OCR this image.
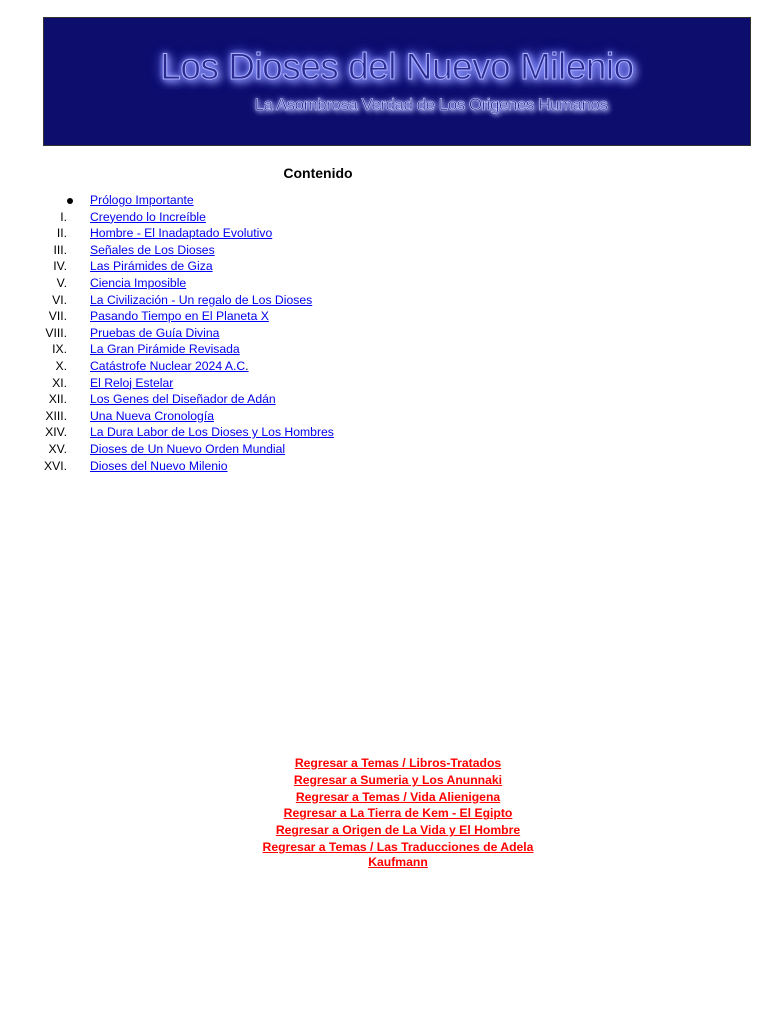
Los Dioses del Nuevo Milenio
La Asombrosa Verdad de Los Origenes Humanos
Contenido
Prólogo Importante
I. Creyendo lo Increíble
II. Hombre - El Inadaptado Evolutivo
III. Señales de Los Dioses
IV. Las Pirámides de Giza
V. Ciencia Imposible
VI. La Civilización - Un regalo de Los Dioses
VII. Pasando Tiempo en El Planeta X
VIII. Pruebas de Guía Divina
IX. La Gran Pirámide Revisada
X. Catástrofe Nuclear 2024 A.C.
XI. El Reloj Estelar
XII. Los Genes del Diseñador de Adán
XIII. Una Nueva Cronología
XIV. La Dura Labor de Los Dioses y Los Hombres
XV. Dioses de Un Nuevo Orden Mundial
XVI. Dioses del Nuevo Milenio
Regresar a Temas / Libros-Tratados
Regresar a Sumeria y Los Anunnaki
Regresar a Temas / Vida Alienigena
Regresar a La Tierra de Kem - El Egipto
Regresar a Origen de La Vida y El Hombre
Regresar a Temas / Las Traducciones de Adela Kaufmann
